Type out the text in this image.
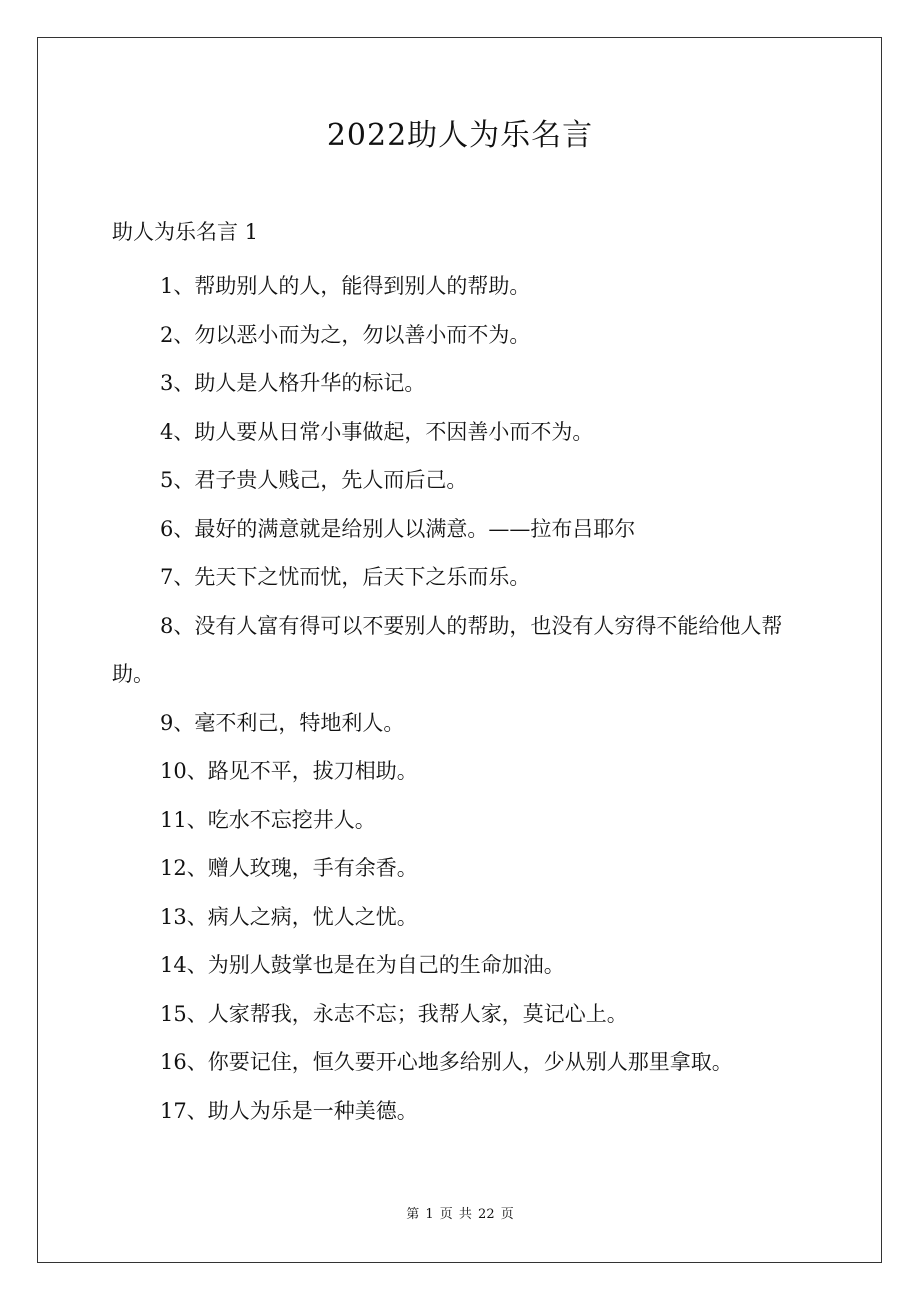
2022助人为乐名言
助人为乐名言 1
1、帮助别人的人，能得到别人的帮助。
2、勿以恶小而为之，勿以善小而不为。
3、助人是人格升华的标记。
4、助人要从日常小事做起，不因善小而不为。
5、君子贵人贱己，先人而后己。
6、最好的满意就是给别人以满意。——拉布吕耶尔
7、先天下之忧而忧，后天下之乐而乐。
8、没有人富有得可以不要别人的帮助，也没有人穷得不能给他人帮助。
9、毫不利己，特地利人。
10、路见不平，拔刀相助。
11、吃水不忘挖井人。
12、赠人玫瑰，手有余香。
13、病人之病，忧人之忧。
14、为别人鼓掌也是在为自己的生命加油。
15、人家帮我，永志不忘；我帮人家，莫记心上。
16、你要记住，恒久要开心地多给别人，少从别人那里拿取。
17、助人为乐是一种美德。
第 1 页 共 22 页
